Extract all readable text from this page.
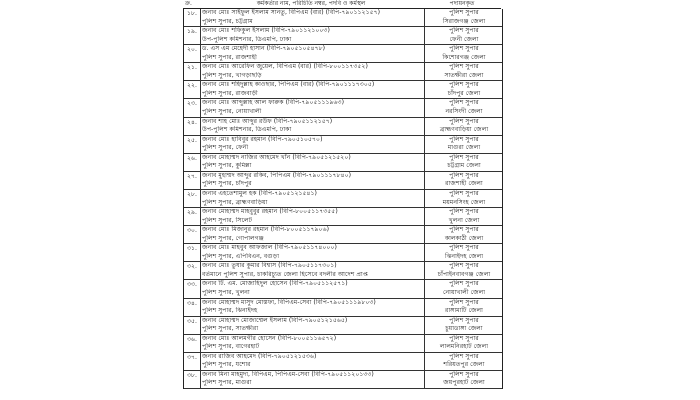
ক্র.	কর্মকর্তার নাম, পরিচিতি নম্বর, পদবি ও কর্মস্থল	পদায়নকৃত
১৮. জনাব মোঃ সাইফুল ইসলাম সানতু, বিপিএম (বার) (বিপি-৭৯০১১২১৫৭)
পুলিশ সুপার, চট্টগ্রাম
পুলিশ সুপার
সিরাজগঞ্জ জেলা
১৯. জনাব মোঃ শফিকুল ইসলাম (বিপি-৭৯০১১২১০০৩)
উপ-পুলিশ কমিশনার, ডিএমপি, ঢাকা
পুলিশ সুপার
ফেনী জেলা
২০. ড. এস এম মেহেদী হাসান (বিপি-৭৯০৫১০৫৪৭৮)
পুলিশ সুপার, রাজশাহী
পুলিশ সুপার
কিশোরগঞ্জ জেলা
২১. জনাব মোঃ আরেফিন জুয়েল, বিপিএম (বার) (বিপি-৮০০১১৭৩৫২)
পুলিশ সুপার, খাগড়াছড়ি
পুলিশ সুপার
সাতক্ষীরা জেলা
২২. জনাব মোঃ শহিদুল্লাহ কাওছার, পিপিএম (বার) (বিপি-৭৯০১১১৭৩০৫)
পুলিশ সুপার, রাজবাড়ী
পুলিশ সুপার
চাঁদপুর জেলা
২৩. জনাব মোঃ আব্দুল্লাহ আল ফারুক (বিপি-৭৯০৫১১১৯৬৩)
পুলিশ সুপার, নোয়াখালী
পুলিশ সুপার
নরসিংদী জেলা
২৪. জনাব শাহ মোঃ আব্দুর রউফ (বিপি-৭৯০৫১১২১৫৭)
উপ-পুলিশ কমিশনার, ডিএমপি, ঢাকা
পুলিশ সুপার
ব্রাহ্মণবাড়িয়া জেলা
২৫. জনাব মোঃ হাবিবুর রহমান (বিপি-৭৯০৫১০৫৭০)
পুলিশ সুপার, ফেনী
পুলিশ সুপার
মাগুরা জেলা
২৬. জনাব মোহাম্মদ নাজির আহমেদ খাঁন (বিপি-৭৯০৫১২১৫২০)
পুলিশ সুপার, কুমিল্লা
পুলিশ সুপার
চট্টগ্রাম জেলা
২৭. জনাব মুহাম্মদ আব্দুর রকিব, পিপিএম (বিপি-৭৯০১১১৭৮৪০)
পুলিশ সুপার, চাঁদপুর
পুলিশ সুপার
রাজশাহী জেলা
২৮. জনাব এহতেশামুল হক (বিপি-৭৯০৫১২১৫৪১)
পুলিশ সুপার, ব্রাহ্মণবাড়িয়া
পুলিশ সুপার
ময়মনসিংহ জেলা
২৯. জনাব মোহাম্মদ মাহবুবুর রহমান (বিপি-৮০০৫১১৭৩৫৫)
পুলিশ সুপার, সিলেট
পুলিশ সুপার
খুলনা জেলা
৩০. জনাব মোঃ মিজানুর রহমান (বিপি-৮০০৫১১৭৯০৬)
পুলিশ সুপার, গোপালগঞ্জ
পুলিশ সুপার
কালকাঠী জেলা
৩১. জনাব মোঃ মাহবুব আফজাল (বিপি-৭৯০৫১১৭৪০০০)
পুলিশ সুপার, এপিবিএন, বগুড়া
পুলিশ সুপার
ঝিনাইদহ জেলা
৩২. জনাব মোঃ তুষার কুমার বিশ্বাস (বিপি-৭৯০৫১১৭৩০১)
বর্তমানে পুলিশ সুপার, চাকরিচ্যুত জেলা হিসেবে বদলীর আদেশ প্রাপ্ত
পুলিশ সুপার
চাঁপাইনবাবগঞ্জ জেলা
৩৩. জনাব টি. এম. মোজাহিদুল হোসেন (বিপি-৭৯০৫১১২৫৭১)
পুলিশ সুপার, খুলনা
পুলিশ সুপার
নোয়াখালী জেলা
৩৪. জনাব মোহাম্মদ মাসুদ মোস্তফা, বিপিএম-সেবা (বিপি-৭৯০৫১১১৯৮০৩)
পুলিশ সুপার, ঝিনাইদহ
পুলিশ সুপার
রাঙ্গামাটি জেলা
৩৫. জনাব মোহাম্মদ মোজাম্মেল ইসলাম (বিপি-৭৯০৫১২১৫৬৫)
পুলিশ সুপার, সাতক্ষীরা
পুলিশ সুপার
চুয়াডাঙ্গা জেলা
৩৬. জনাব মোঃ আলমগীর হোসেন (বিপি-৮০০৫১১৬৫৭২)
পুলিশ সুপার, বাগেরহাট
পুলিশ সুপার
লালমনিরহাট জেলা
৩৭. জনাব রাজিব আহমেদ (বিপি-৭৯০৫১২১৫৩৬)
পুলিশ সুপার, যশোর
পুলিশ সুপার
শরিয়তপুর জেলা
৩৮. জনাব মিনা মাহমুদা, বিপিএম, পিপিএম-সেবা (বিপি-৭৯০৫১১২০১৩৩)
পুলিশ সুপার, মাগুরা
পুলিশ সুপার
জয়পুরহাট জেলা
